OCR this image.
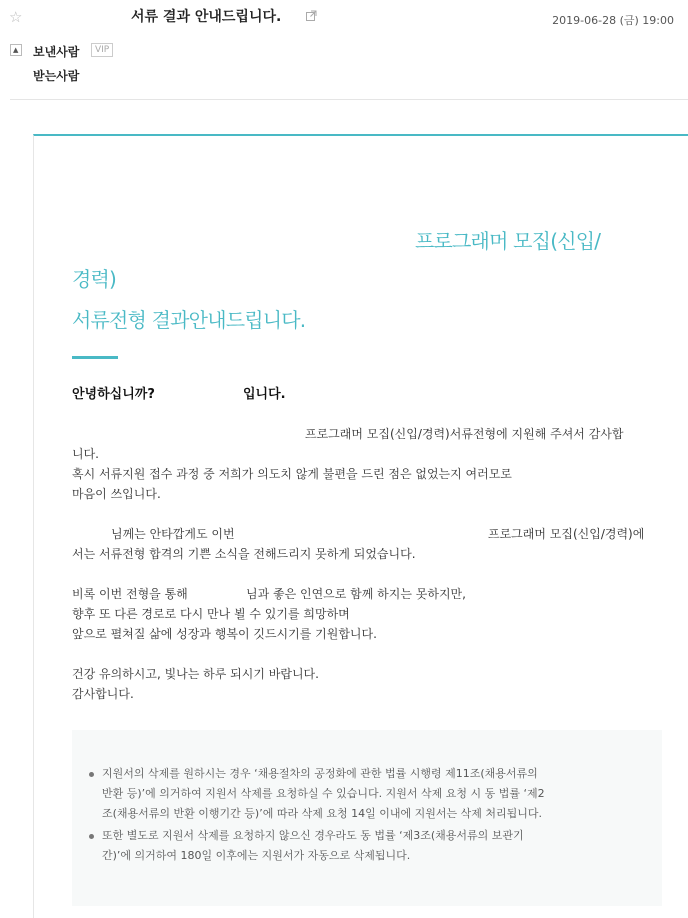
☆	서류 결과 안내드립니다.	2019-06-28 (금) 19:00
▲ 보낸사람	VIP
받는사람
프로그래머 모집(신입/
경력)
서류전형 결과안내드립니다.
안녕하십니까?	입니다.
프로그래머 모집(신입/경력)서류전형에 지원해 주셔서 감사합
니다.
혹시 서류지원 접수 과정 중 저희가 의도치 않게 불편을 드린 점은 없었는지 여러모로
마음이 쓰입니다.
님께는 안타깝게도 이번	프로그래머 모집(신입/경력)에
서는 서류전형 합격의 기쁜 소식을 전해드리지 못하게 되었습니다.
비록 이번 전형을 통해	님과 좋은 인연으로 함께 하지는 못하지만,
향후 또 다른 경로로 다시 만나 뵐 수 있기를 희망하며
앞으로 펼쳐질 삶에 성장과 행복이 깃드시기를 기원합니다.
건강 유의하시고, 빛나는 하루 되시기 바랍니다.
감사합니다.
지원서의 삭제를 원하시는 경우 ‘채용절차의 공정화에 관한 법률 시행령 제11조(채용서류의
반환 등)’에 의거하여 지원서 삭제를 요청하실 수 있습니다. 지원서 삭제 요청 시 동 법률 ‘제2
조(채용서류의 반환 이행기간 등)’에 따라 삭제 요청 14일 이내에 지원서는 삭제 처리됩니다.
또한 별도로 지원서 삭제를 요청하지 않으신 경우라도 동 법률 ‘제3조(채용서류의 보관기
간)’에 의거하여 180일 이후에는 지원서가 자동으로 삭제됩니다.
